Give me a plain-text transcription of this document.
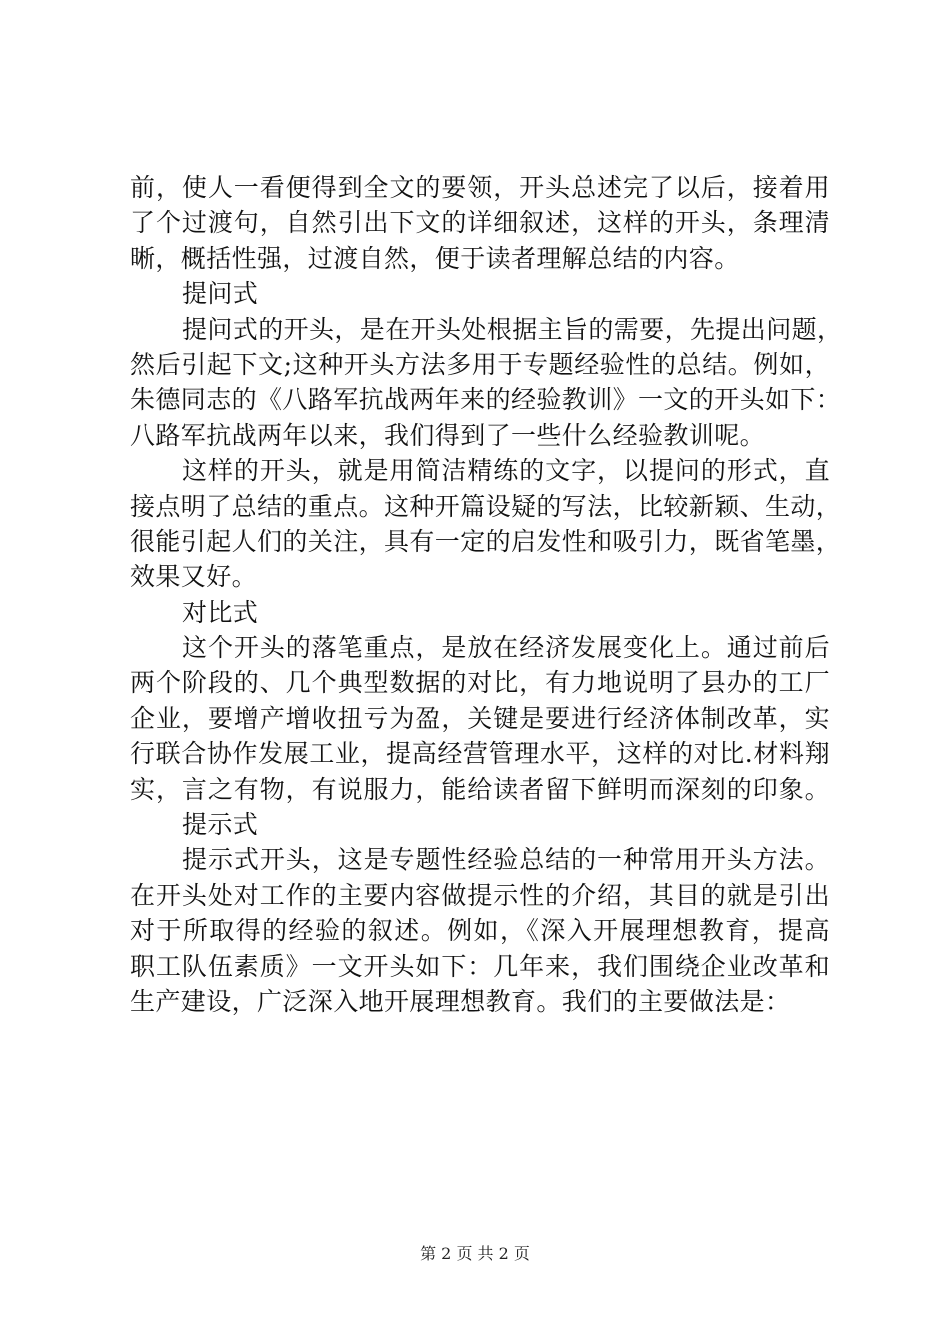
前，使人一看便得到全文的要领，开头总述完了以后，接着用
了个过渡句，自然引出下文的详细叙述，这样的开头，条理清
晰，概括性强，过渡自然，便于读者理解总结的内容。
提问式
提问式的开头，是在开头处根据主旨的需要，先提出问题，
然后引起下文;这种开头方法多用于专题经验性的总结。例如，
朱德同志的《八路军抗战两年来的经验教训》一文的开头如下：
八路军抗战两年以来，我们得到了一些什么经验教训呢。
这样的开头，就是用简洁精练的文字，以提问的形式，直
接点明了总结的重点。这种开篇设疑的写法，比较新颖、生动，
很能引起人们的关注，具有一定的启发性和吸引力，既省笔墨，
效果又好。
对比式
这个开头的落笔重点，是放在经济发展变化上。通过前后
两个阶段的、几个典型数据的对比，有力地说明了县办的工厂
企业，要增产增收扭亏为盈，关键是要进行经济体制改革，实
行联合协作发展工业，提高经营管理水平，这样的对比.材料翔
实，言之有物，有说服力，能给读者留下鲜明而深刻的印象。
提示式
提示式开头，这是专题性经验总结的一种常用开头方法。
在开头处对工作的主要内容做提示性的介绍，其目的就是引出
对于所取得的经验的叙述。例如，《深入开展理想教育，提高
职工队伍素质》一文开头如下：几年来，我们围绕企业改革和
生产建设，广泛深入地开展理想教育。我们的主要做法是：
第 2 页 共 2 页
